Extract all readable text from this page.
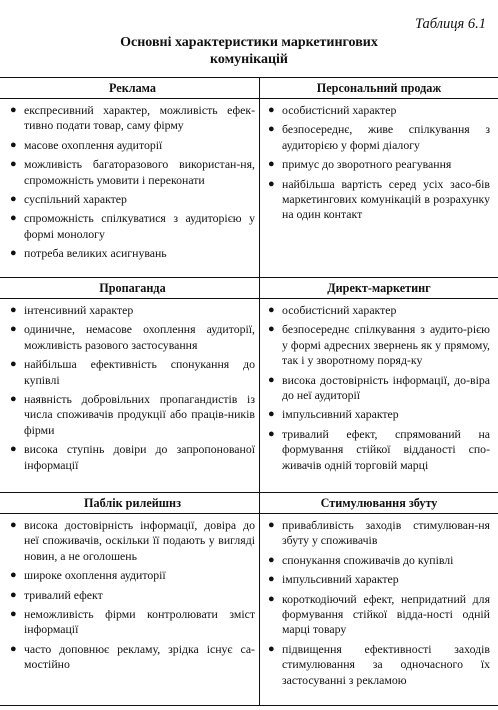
Таблиця 6.1
Основні характеристики маркетингових
комунікацій
Реклама
● експресивний характер, можливість ефек-тивно подати товар, саму фірму
● масове охоплення аудиторії
● можливість багаторазового використан-ня, спроможність умовити і переконати
● суспільний характер
● спроможність спілкуватися з аудиторією у формі монологу
● потреба великих асигнувань
Персональний продаж
● особистісний характер
● безпосереднє, живе спілкування з аудиторією у формі діалогу
● примус до зворотного реагування
● найбільша вартість серед усіх засо-бів маркетингових комунікацій в розрахунку на один контакт
Пропаганда
● інтенсивний характер
● одиничне, немасове охоплення аудиторії, можливість разового застосування
● найбільша ефективність спонукання до купівлі
● наявність добровільних пропагандистів із числа споживачів продукції або праців-ників фірми
● висока ступінь довіри до запропонованої інформації
Директ-маркетинг
● особистісний характер
● безпосереднє спілкування з аудито-рією у формі адресних звернень як у прямому, так і у зворотному поряд-ку
● висока достовірність інформації, до-віра до неї аудиторії
● імпульсивний характер
● тривалий ефект, спрямований на формування стійкої відданості спо-живачів одній торговій марці
Паблік рилейшнз
● висока достовірність інформації, довіра до неї споживачів, оскільки її подають у вигляді новин, а не оголошень
● широке охоплення аудиторії
● тривалий ефект
● неможливість фірми контролювати зміст інформації
● часто доповнює рекламу, зрідка існує са-мостійно
Стимулювання збуту
● привабливість заходів стимулюван-ня збуту у споживачів
● спонукання споживачів до купівлі
● імпульсивний характер
● короткодіючий ефект, непридатний для формування стійкої відда-ності одній марці товару
● підвищення ефективності заходів стимулювання за одночасного їх застосуванні з рекламою
